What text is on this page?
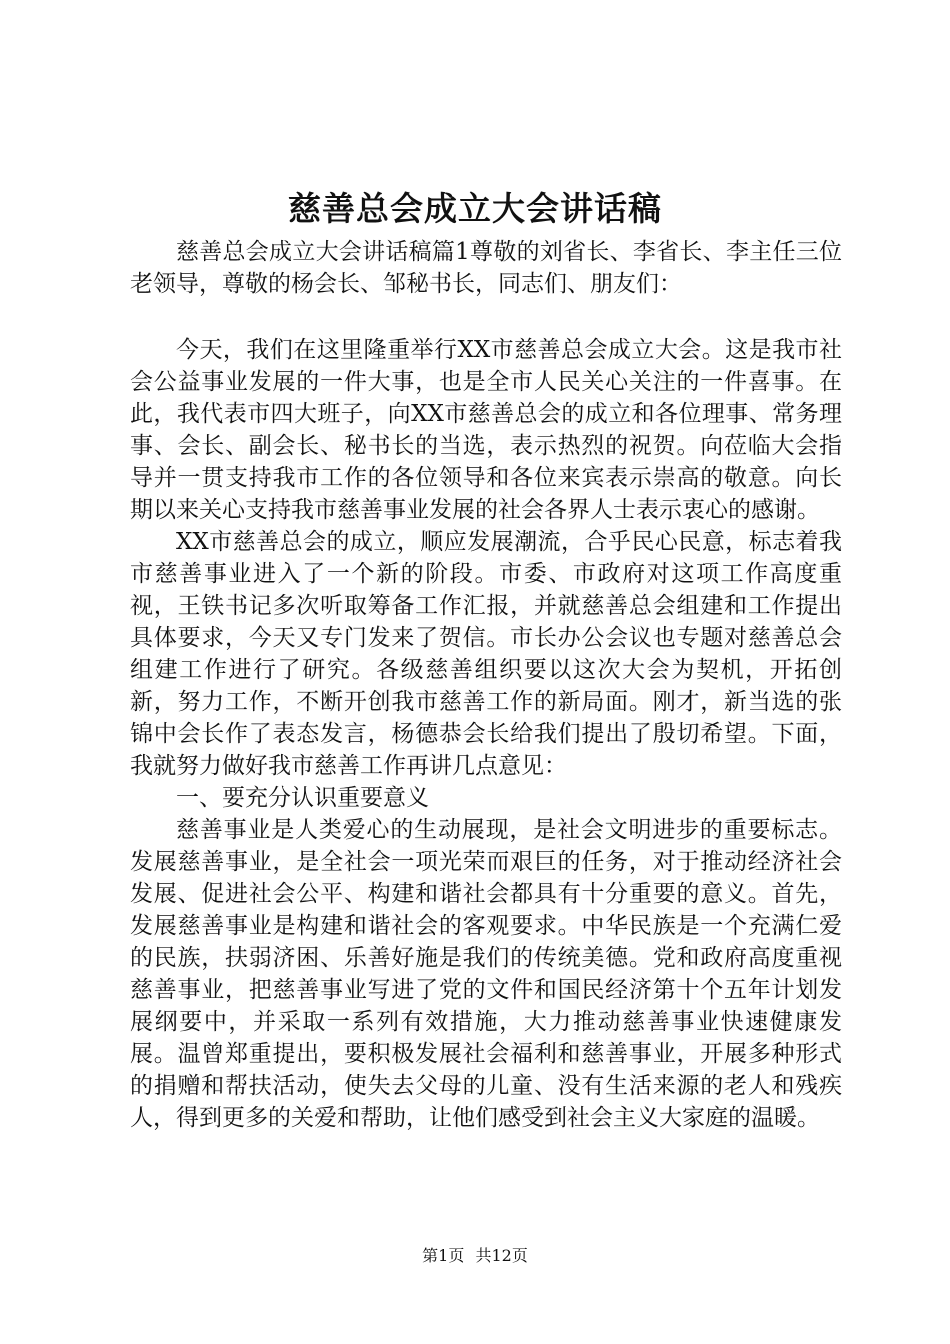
慈善总会成立大会讲话稿

慈善总会成立大会讲话稿篇1尊敬的刘省长、李省长、李主任三位老领导，尊敬的杨会长、邹秘书长，同志们、朋友们：

今天，我们在这里隆重举行XX市慈善总会成立大会。这是我市社会公益事业发展的一件大事，也是全市人民关心关注的一件喜事。在此，我代表市四大班子，向XX市慈善总会的成立和各位理事、常务理事、会长、副会长、秘书长的当选，表示热烈的祝贺。向莅临大会指导并一贯支持我市工作的各位领导和各位来宾表示崇高的敬意。向长期以来关心支持我市慈善事业发展的社会各界人士表示衷心的感谢。

XX市慈善总会的成立，顺应发展潮流，合乎民心民意，标志着我市慈善事业进入了一个新的阶段。市委、市政府对这项工作高度重视，王铁书记多次听取筹备工作汇报，并就慈善总会组建和工作提出具体要求，今天又专门发来了贺信。市长办公会议也专题对慈善总会组建工作进行了研究。各级慈善组织要以这次大会为契机，开拓创新，努力工作，不断开创我市慈善工作的新局面。刚才，新当选的张锦中会长作了表态发言，杨德恭会长给我们提出了殷切希望。下面，我就努力做好我市慈善工作再讲几点意见：

一、要充分认识重要意义

慈善事业是人类爱心的生动展现，是社会文明进步的重要标志。发展慈善事业，是全社会一项光荣而艰巨的任务，对于推动经济社会发展、促进社会公平、构建和谐社会都具有十分重要的意义。首先，发展慈善事业是构建和谐社会的客观要求。中华民族是一个充满仁爱的民族，扶弱济困、乐善好施是我们的传统美德。党和政府高度重视慈善事业，把慈善事业写进了党的文件和国民经济第十个五年计划发展纲要中，并采取一系列有效措施，大力推动慈善事业快速健康发展。温曾郑重提出，要积极发展社会福利和慈善事业，开展多种形式的捐赠和帮扶活动，使失去父母的儿童、没有生活来源的老人和残疾人，得到更多的关爱和帮助，让他们感受到社会主义大家庭的温暖。

第1页 共12页
